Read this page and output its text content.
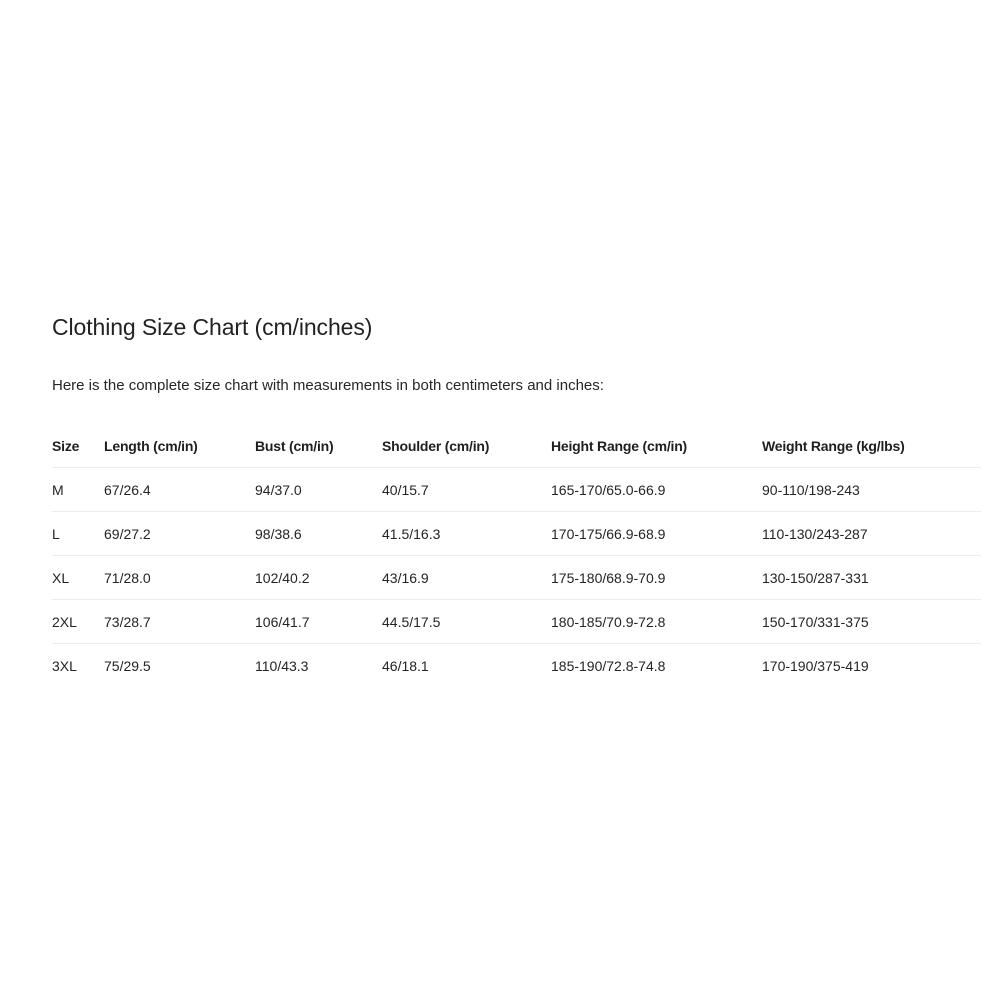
Clothing Size Chart (cm/inches)

Here is the complete size chart with measurements in both centimeters and inches:

Size	Length (cm/in)	Bust (cm/in)	Shoulder (cm/in)	Height Range (cm/in)	Weight Range (kg/lbs)
M	67/26.4	94/37.0	40/15.7	165-170/65.0-66.9	90-110/198-243
L	69/27.2	98/38.6	41.5/16.3	170-175/66.9-68.9	110-130/243-287
XL	71/28.0	102/40.2	43/16.9	175-180/68.9-70.9	130-150/287-331
2XL	73/28.7	106/41.7	44.5/17.5	180-185/70.9-72.8	150-170/331-375
3XL	75/29.5	110/43.3	46/18.1	185-190/72.8-74.8	170-190/375-419
